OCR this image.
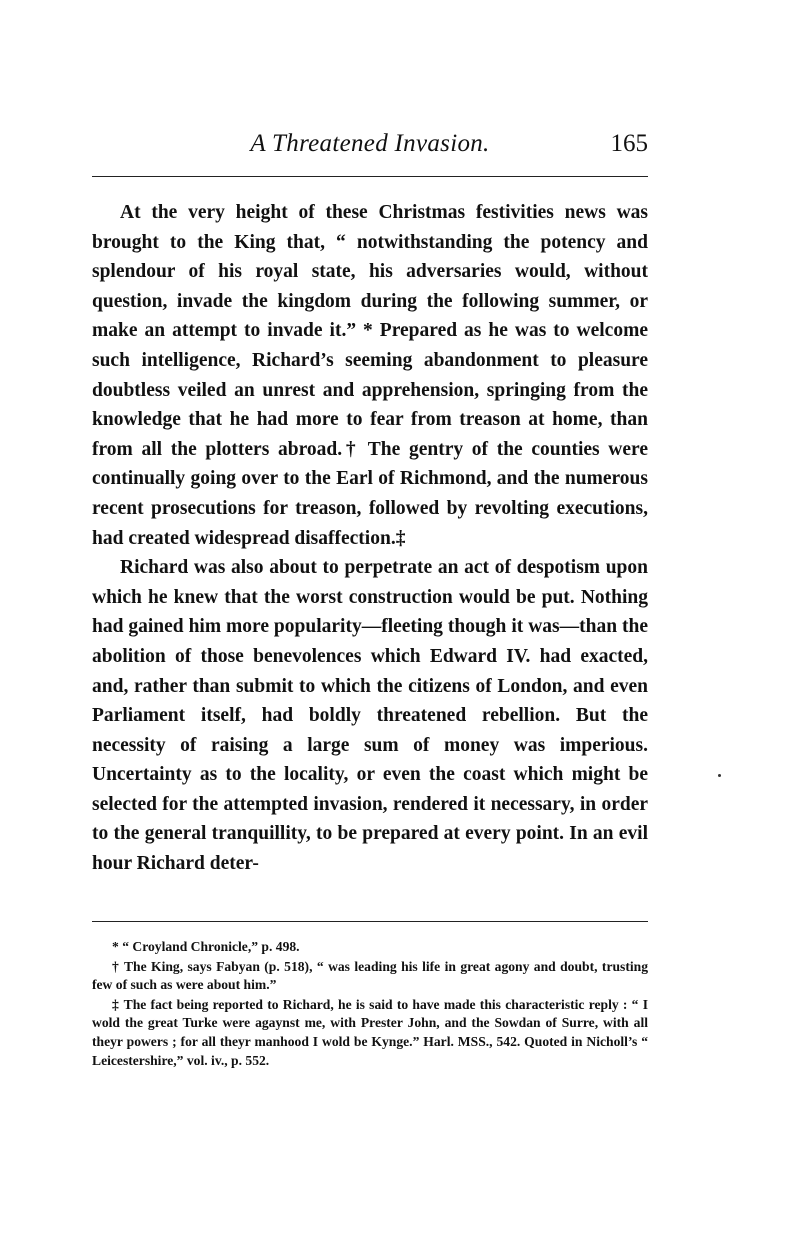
A Threatened Invasion.	165

At the very height of these Christmas festivities news was brought to the King that, “ notwithstanding the potency and splendour of his royal state, his adversaries would, without question, invade the kingdom during the following summer, or make an attempt to invade it.” * Prepared as he was to welcome such intelligence, Richard’s seeming abandonment to pleasure doubtless veiled an unrest and apprehension, springing from the knowledge that he had more to fear from treason at home, than from all the plotters abroad.† The gentry of the counties were continually going over to the Earl of Richmond, and the numerous recent prosecutions for treason, followed by revolting executions, had created widespread disaffection.‡

Richard was also about to perpetrate an act of despotism upon which he knew that the worst construction would be put. Nothing had gained him more popularity—fleeting though it was—than the abolition of those benevolences which Edward IV. had exacted, and, rather than submit to which the citizens of London, and even Parliament itself, had boldly threatened rebellion. But the necessity of raising a large sum of money was imperious. Uncertainty as to the locality, or even the coast which might be selected for the attempted invasion, rendered it necessary, in order to the general tranquillity, to be prepared at every point. In an evil hour Richard deter-

* “ Croyland Chronicle,” p. 498.

† The King, says Fabyan (p. 518), “ was leading his life in great agony and doubt, trusting few of such as were about him.”

‡ The fact being reported to Richard, he is said to have made this characteristic reply : “ I wold the great Turke were agaynst me, with Prester John, and the Sowdan of Surre, with all theyr powers ; for all theyr manhood I wold be Kynge.” Harl. MSS., 542. Quoted in Nicholl’s “ Leicestershire,” vol. iv., p. 552.
